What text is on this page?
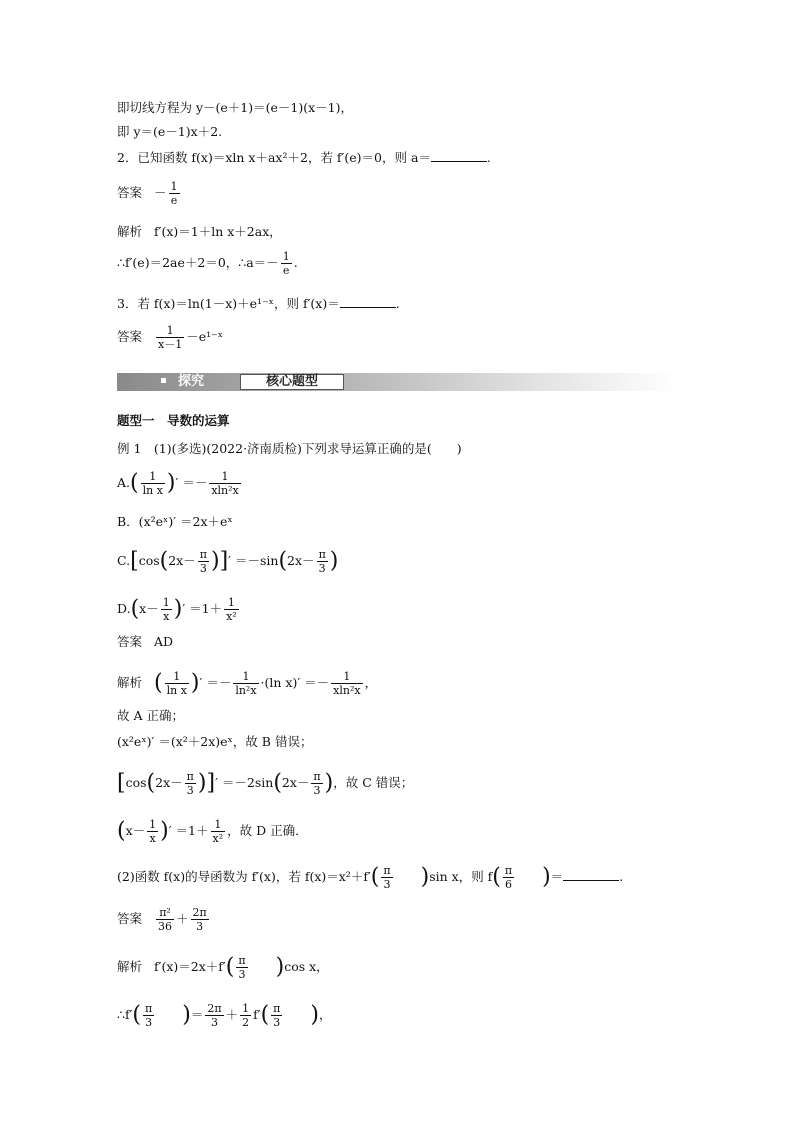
即切线方程为 y－(e＋1)＝(e－1)(x－1)，
即 y＝(e－1)x＋2.
2．已知函数 f(x)＝xln x＋ax²＋2，若 f′(e)＝0，则 a＝	.
答案 － $\frac{1}{e}$
解析 f′(x)＝1＋ln x＋2ax，
∴f′(e)＝2ae＋2＝0，∴a＝－ $\frac{1}{e}$ .
3．若 f(x)＝ln(1－x)＋e¹⁻ˣ，则 f′(x)＝	.
答案 $\frac{1}{x-1}$ －e¹⁻ˣ
探究	核心题型
题型一　导数的运算
例 1　(1)(多选)(2022·济南质检)下列求导运算正确的是(　　)
$A.( \frac{1}{\text{ln x}}$ )′ ＝－ $\frac{1}{\text{xln²x}}$
B．(x²eˣ)′ ＝2x＋eˣ
$C.[\cos(2x- \frac{\pi}{3}$ )]′ $=-\sin(2x- \frac{\pi}{3}$ )
$D.(x- \frac{1}{x}$ )′ $=1+ \frac{1}{\text{x²}}$
答案 AD
解析 ( $\frac{1}{\text{ln x}}$ )′ ＝－ $\frac{1}{\text{ln²x}} \cdot(\ln$ $x)' =- \frac{1}{\text{xln²x}}$ ，
故 A 正确；
(x²eˣ)′ ＝(x²＋2x)eˣ，故 B 错误；
[$\cos(2x- \frac{\pi}{3}$ )]′ $=-2\sin(2x- \frac{\pi}{3}$ )，故 C 错误；
($x- \frac{1}{x}$ )′ $=1+ \frac{1}{\text{x²}}$ ，故 D 正确．
(2)函数 f(x)的导函数为 f′(x)，若 $f(x)=x^2+f'( \frac{\pi}{3} )\sin$ x，则 $f( \frac{\pi}{6}$ )＝	.
答案 $\frac{\text{π²}}{36} + \frac{2\pi}{3}$
解析 $f'(x)=2x+f'( \frac{\pi}{3} )\cos$ x，
∴f′( $\frac{\pi}{3}$ )＝ $\frac{2\pi}{3} + \frac{1}{2} f'( \frac{\pi}{3}$ )，
